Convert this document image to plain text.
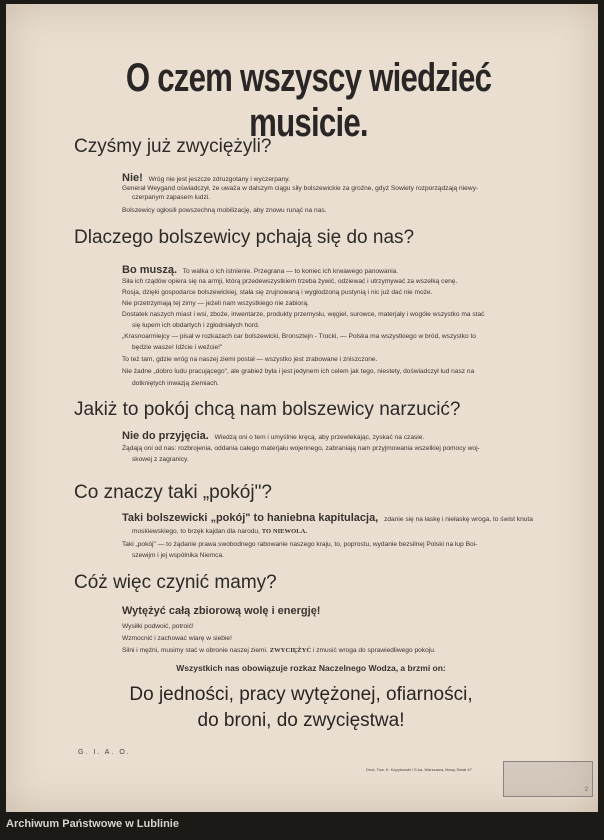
O czem wszyscy wiedzieć musicie.
Czyśmy już zwyciężyli?
Nie! Wróg nie jest jeszcze zdruzgotany i wyczerpany.
Generał Weygand oświadczył, że uważa w dalszym ciągu siły bolszewickie za groźne, gdyż Sowiety rozporządzają niewy-
czerpanym zapasem ludzi.
Bolszewicy ogłosili powszechną mobilizację, aby znowu runąć na nas.
Dlaczego bolszewicy pchają się do nas?
Bo muszą. To walka o ich istnienie. Przegrana — to koniec ich krwawego panowania.
Siła ich rządów opiera się na armji, którą przedewszystkiem trzeba żywić, odziewać i utrzymywać za wszelką cenę.
Rosja, dzięki gospodarce bolszewickiej, stała się zrujnowaną i wygłodzoną pustynią i nic już dać nie może.
Nie przetrzymają tej zimy — jeżeli nam wszystkiego nie zabiorą.
Dostatek naszych miast i wsi, zboże, inwentarze, produkty przemysłu, węgiel, surowce, materjały i wogóle wszystko ma stać
się łupem ich obdartych i zgłodniałych hord.
„Krasnoarmiejcy — pisał w rozkazach car bolszewicki, Bronsztejn - Trocki, — Polska ma wszystkiego w bród, wszystko to
będzie wasze! Idźcie i weźcie!"
To też tam, gdzie wróg na naszej ziemi postał — wszystko jest zrabowane i zniszczone.
Nie żadne „dobro ludu pracującego", ale grabież była i jest jedynem ich celem jak tego, niestety, doświadczył lud nasz na
dotkniętych inwazją ziemiach.
Jakiż to pokój chcą nam bolszewicy narzucić?
Nie do przyjęcia. Wiedzą oni o tem i umyślnie kręcą, aby przewlekając, zyskać na czasie.
Żądają oni od nas: rozbrojenia, oddania całego materjału wojennego, zabraniają nam przyjmowania wszelkiej pomocy woj-
skowej z zagranicy.
Co znaczy taki „pokój"?
Taki bolszewicki „pokój" to haniebna kapitulacja, zdanie się na łaskę i niełaskę wroga, to świst knuta
moskiewskiego, to brzęk kajdan dla narodu, TO NIEWOLA.
Taki „pokój" — to żądanie prawa swobodnego rabowanie naszego kraju, to, poprostu, wydanie bezsilnej Polski na łup Boi-
szewijm i jej wspólnika Niemca.
Cóż więc czynić mamy?
Wytężyć całą zbiorową wolę i energję!
Wysiłki podwoić, potroić!
Wzmocnić i zachować wiarę w siebie!
Silni i mężni, musimy stać w obronie naszej ziemi. ZWYCIĘŻYĆ i zmusić wroga do sprawiedliwego pokoju.
Wszystkich nas obowiązuje rozkaz Naczelnego Wodza, a brzmi on:
Do jedności, pracy wytężonej, ofiarności,
do broni, do zwycięstwa!
G. I. A. O.
Druk. Tow. K. Kopytowski i S-ka, Warszawa, Nowy-Świat 47
2
Archiwum Państwowe w Lublinie
